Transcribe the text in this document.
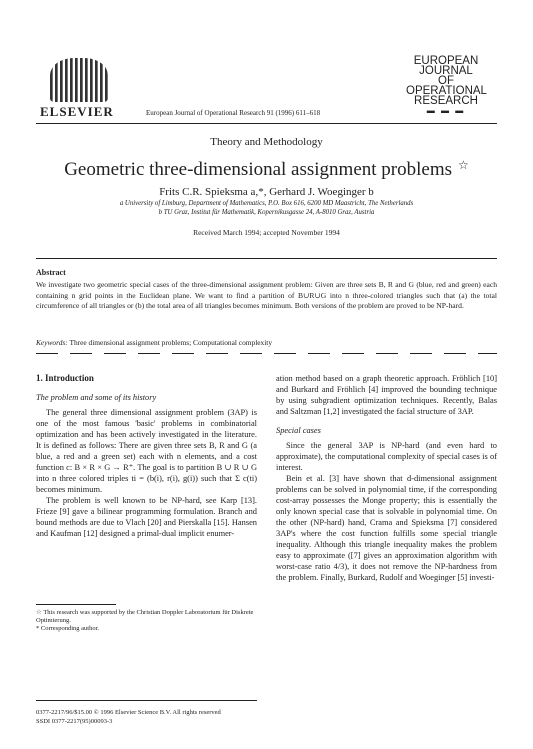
ELSEVIER	European Journal of Operational Research 91 (1996) 611–618
EUROPEAN
JOURNAL
OF OPERATIONAL
RESEARCH
▬ ▬ ▬
Theory and Methodology
Geometric three-dimensional assignment problems ☆
Frits C.R. Spieksma a,*, Gerhard J. Woeginger b
a University of Limburg, Department of Mathematics, P.O. Box 616, 6200 MD Maastricht, The Netherlands
b TU Graz, Institut für Mathematik, Kopernikusgasse 24, A-8010 Graz, Austria
Received March 1994; accepted November 1994
Abstract
We investigate two geometric special cases of the three-dimensional assignment problem: Given are three sets B, R and G (blue, red and green) each containing n grid points in the Euclidean plane. We want to find a partition of B∪R∪G into n three-colored triangles such that (a) the total circumference of all triangles or (b) the total area of all triangles becomes minimum. Both versions of the problem are proved to be NP-hard.
Keywords: Three dimensional assignment problems; Computational complexity
1. Introduction
The problem and some of its history

The general three dimensional assignment problem (3AP) is one of the most famous 'basic' problems in combinatorial optimization and has been actively investigated in the literature. It is defined as follows: There are given three sets B, R and G (a blue, a red and a green set) each with n elements, and a cost function c: B × R × G → R⁺. The goal is to partition B ∪ R ∪ G into n three colored triples ti = (b(i), r(i), g(i)) such that Σ c(ti) becomes minimum.

The problem is well known to be NP-hard, see Karp [13]. Frieze [9] gave a bilinear programming formulation. Branch and bound methods are due to Vlach [20] and Pierskalla [15]. Hansen and Kaufman [12] designed a primal-dual implicit enumer-

ation method based on a graph theoretic approach. Fröhlich [10] and Burkard and Fröhlich [4] improved the bounding technique by using subgradient optimization techniques. Recently, Balas and Saltzman [1,2] investigated the facial structure of 3AP.

Special cases

Since the general 3AP is NP-hard (and even hard to approximate), the computational complexity of special cases is of interest.

Bein et al. [3] have shown that d-dimensional assignment problems can be solved in polynomial time, if the corresponding cost-array possesses the Monge property; this is essentially the only known special case that is solvable in polynomial time. On the other (NP-hard) hand, Crama and Spieksma [7] considered 3AP's where the cost function fulfills some special triangle inequality. Although this triangle inequality makes the problem easy to approximate ([7] gives an approximation algorithm with worst-case ratio 4/3), it does not remove the NP-hardness from the problem. Finally, Burkard, Rudolf and Woeginger [5] investi-

☆ This research was supported by the Christian Doppler Laboratorium für Diskrete Optimierung.
* Corresponding author.
0377-2217/96/$15.00 © 1996 Elsevier Science B.V. All rights reserved
SSDI 0377-2217(95)00093-3
